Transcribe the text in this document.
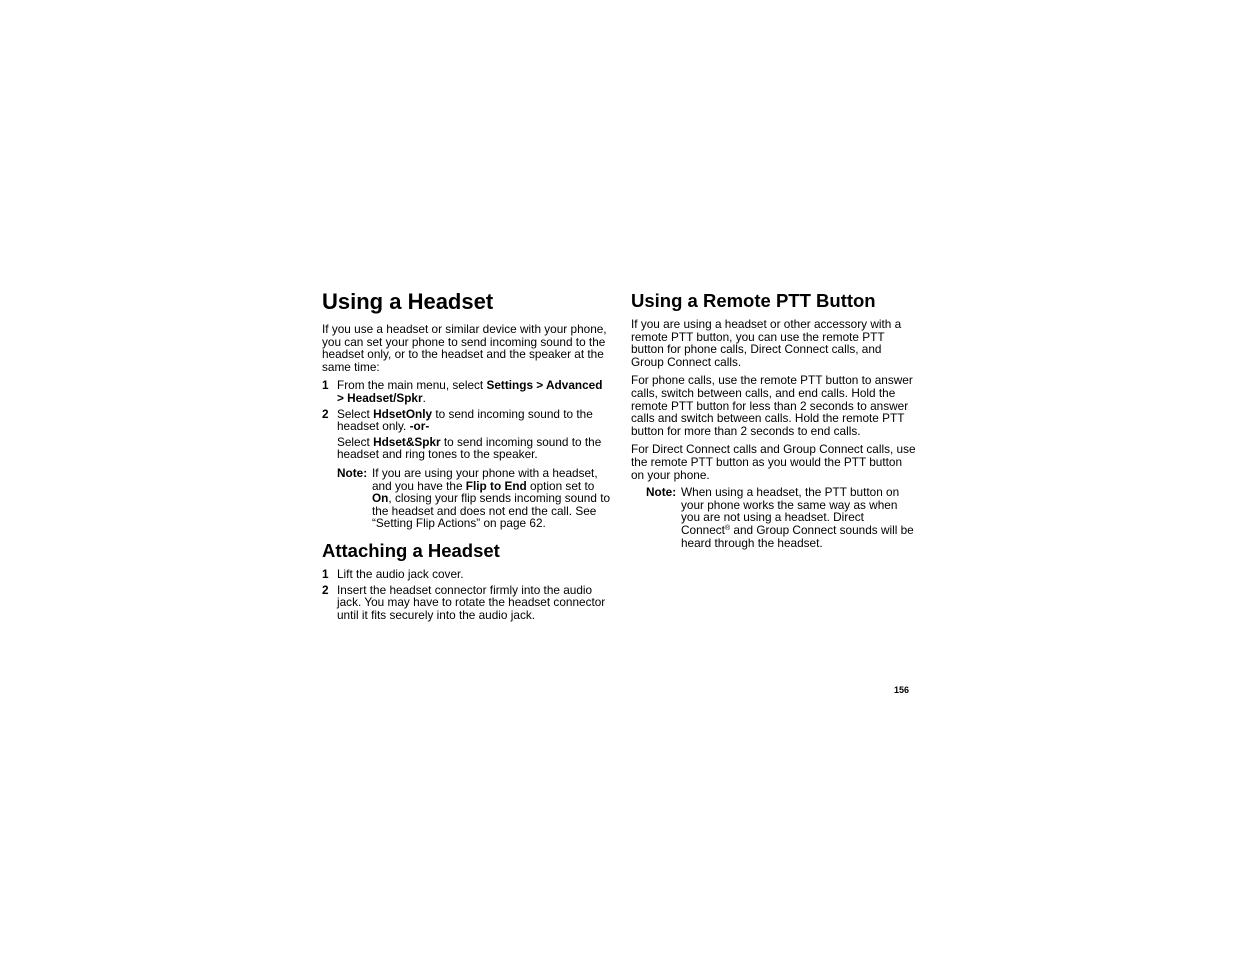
Using a Headset

If you use a headset or similar device with your phone, you can set your phone to send incoming sound to the headset only, or to the headset and the speaker at the same time:

1 From the main menu, select Settings > Advanced > Headset/Spkr.
2 Select HdsetOnly to send incoming sound to the headset only. -or-

Select Hdset&Spkr to send incoming sound to the headset and ring tones to the speaker.

Note: If you are using your phone with a headset, and you have the Flip to End option set to On, closing your flip sends incoming sound to the headset and does not end the call. See “Setting Flip Actions” on page 62.
Attaching a Headset
1 Lift the audio jack cover.
2 Insert the headset connector firmly into the audio jack. You may have to rotate the headset connector until it fits securely into the audio jack.
Using a Remote PTT Button

If you are using a headset or other accessory with a remote PTT button, you can use the remote PTT button for phone calls, Direct Connect calls, and Group Connect calls.

For phone calls, use the remote PTT button to answer calls, switch between calls, and end calls. Hold the remote PTT button for less than 2 seconds to answer calls and switch between calls. Hold the remote PTT button for more than 2 seconds to end calls.

For Direct Connect calls and Group Connect calls, use the remote PTT button as you would the PTT button on your phone.

Note: When using a headset, the PTT button on your phone works the same way as when you are not using a headset. Direct Connect® and Group Connect sounds will be heard through the headset.
156
